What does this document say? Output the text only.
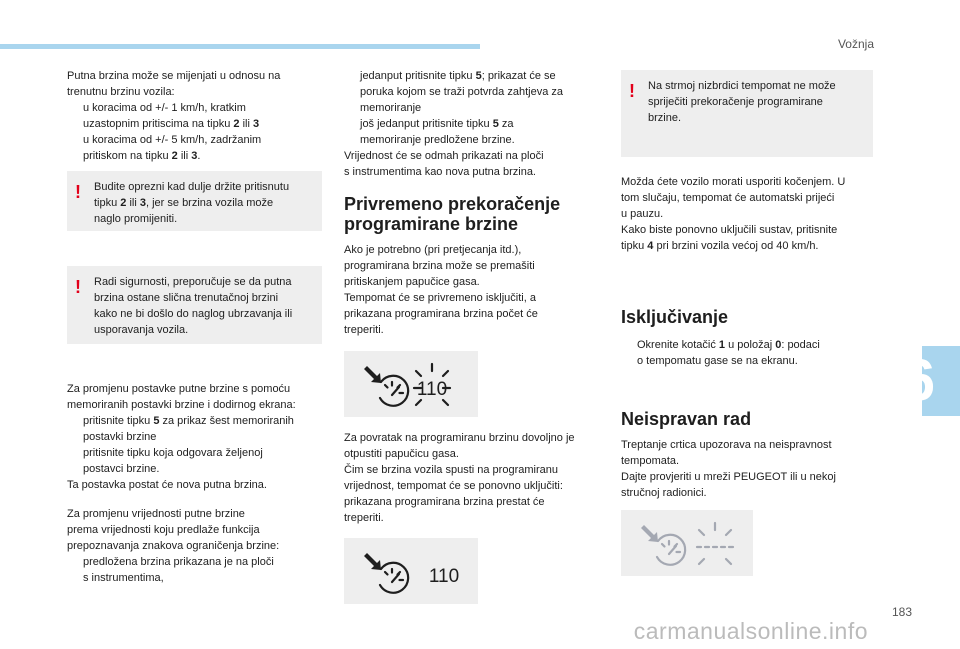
Vožnja
6
183
carmanualsonline.info
Putna brzina može se mijenjati u odnosu na
trenutnu brzinu vozila:
u koracima od +/- 1 km/h, kratkim
uzastopnim pritiscima na tipku 2 ili 3
u koracima od +/- 5 km/h, zadržanim
pritiskom na tipku 2 ili 3.
! Budite oprezni kad dulje držite pritisnutu
tipku 2 ili 3, jer se brzina vozila može
naglo promijeniti.
! Radi sigurnosti, preporučuje se da putna
brzina ostane slična trenutačnoj brzini
kako ne bi došlo do naglog ubrzavanja ili
usporavanja vozila.
Za promjenu postavke putne brzine s pomoću
memoriranih postavki brzine i dodirnog ekrana:
pritisnite tipku 5 za prikaz šest memoriranih
postavki brzine
pritisnite tipku koja odgovara željenoj
postavci brzine.
Ta postavka postat će nova putna brzina.
Za promjenu vrijednosti putne brzine
prema vrijednosti koju predlaže funkcija
prepoznavanja znakova ograničenja brzine:
predložena brzina prikazana je na ploči
s instrumentima,
jedanput pritisnite tipku 5; prikazat će se
poruka kojom se traži potvrda zahtjeva za
memoriranje
još jedanput pritisnite tipku 5 za
memoriranje predložene brzine.
Vrijednost će se odmah prikazati na ploči
s instrumentima kao nova putna brzina.
Privremeno prekoračenje
programirane brzine
Ako je potrebno (pri pretjecanja itd.),
programirana brzina može se premašiti
pritiskanjem papučice gasa.
Tempomat će se privremeno isključiti, a
prikazana programirana brzina počet će
treperiti.
110
Za povratak na programiranu brzinu dovoljno je
otpustiti papučicu gasa.
Čim se brzina vozila spusti na programiranu
vrijednost, tempomat će se ponovno uključiti:
prikazana programirana brzina prestat će
treperiti.
110
! Na strmoj nizbrdici tempomat ne može
spriječiti prekoračenje programirane
brzine.
Možda ćete vozilo morati usporiti kočenjem. U
tom slučaju, tempomat će automatski prijeći
u pauzu.
Kako biste ponovno uključili sustav, pritisnite
tipku 4 pri brzini vozila većoj od 40 km/h.
Isključivanje
Okrenite kotačić 1 u položaj 0: podaci
o tempomatu gase se na ekranu.
Neispravan rad
Treptanje crtica upozorava na neispravnost
tempomata.
Dajte provjeriti u mreži PEUGEOT ili u nekoj
stručnoj radionici.
